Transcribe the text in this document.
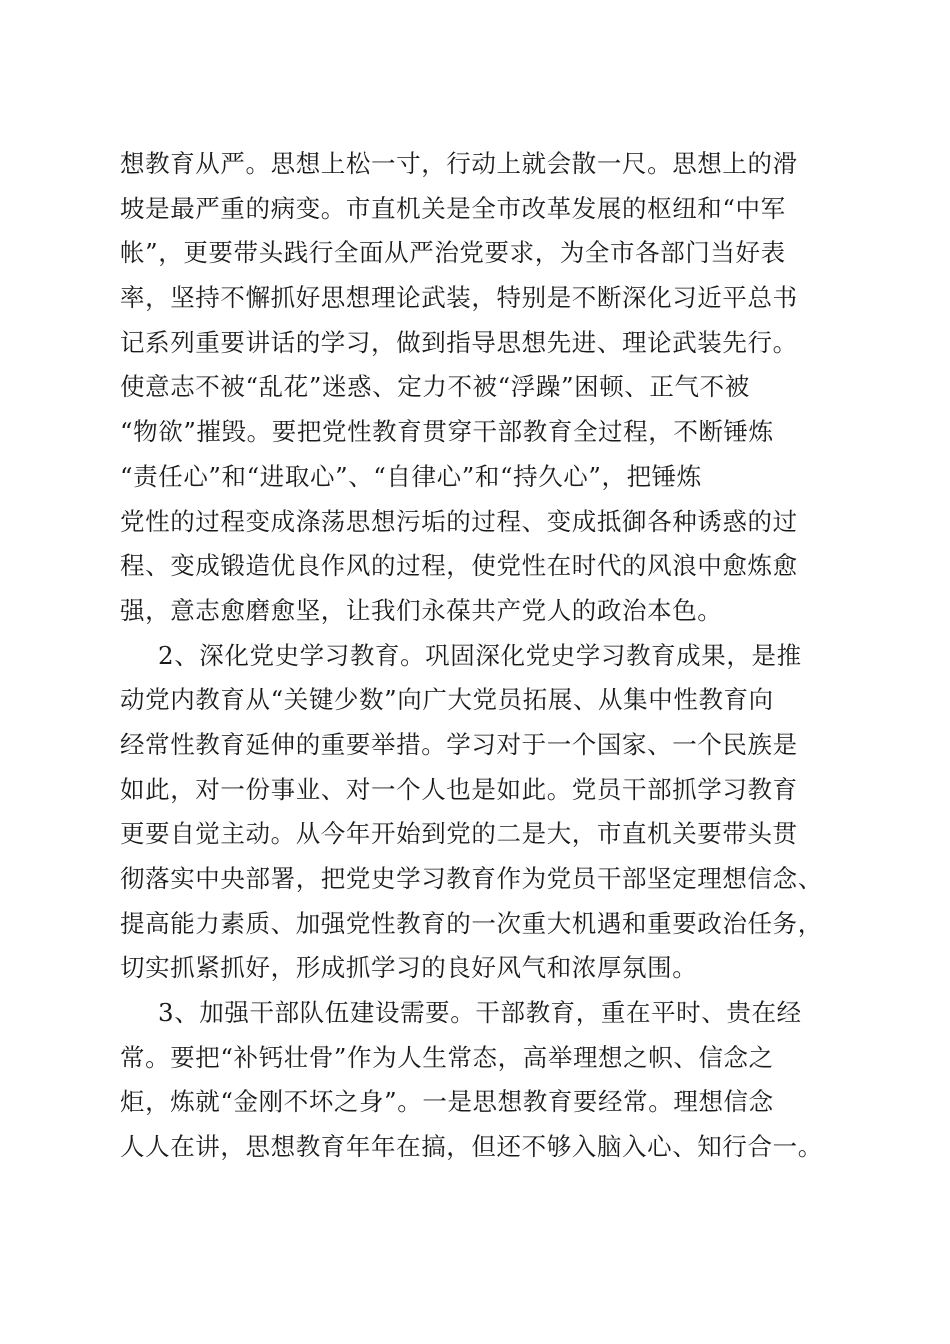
想教育从严。思想上松一寸，行动上就会散一尺。思想上的滑
坡是最严重的病变。市直机关是全市改革发展的枢纽和“中军
帐”，更要带头践行全面从严治党要求，为全市各部门当好表
率，坚持不懈抓好思想理论武装，特别是不断深化习近平总书
记系列重要讲话的学习，做到指导思想先进、理论武装先行。
使意志不被“乱花”迷惑、定力不被“浮躁”困顿、正气不被
“物欲”摧毁。要把党性教育贯穿干部教育全过程，不断锤炼
“责任心”和“进取心”、“自律心”和“持久心”，把锤炼
党性的过程变成涤荡思想污垢的过程、变成抵御各种诱惑的过
程、变成锻造优良作风的过程，使党性在时代的风浪中愈炼愈
强，意志愈磨愈坚，让我们永葆共产党人的政治本色。
2、深化党史学习教育。巩固深化党史学习教育成果，是推
动党内教育从“关键少数”向广大党员拓展、从集中性教育向
经常性教育延伸的重要举措。学习对于一个国家、一个民族是
如此，对一份事业、对一个人也是如此。党员干部抓学习教育
更要自觉主动。从今年开始到党的二是大，市直机关要带头贯
彻落实中央部署，把党史学习教育作为党员干部坚定理想信念、
提高能力素质、加强党性教育的一次重大机遇和重要政治任务，
切实抓紧抓好，形成抓学习的良好风气和浓厚氛围。
3、加强干部队伍建设需要。干部教育，重在平时、贵在经
常。要把“补钙壮骨”作为人生常态，高举理想之帜、信念之
炬，炼就“金刚不坏之身”。一是思想教育要经常。理想信念
人人在讲，思想教育年年在搞，但还不够入脑入心、知行合一。
